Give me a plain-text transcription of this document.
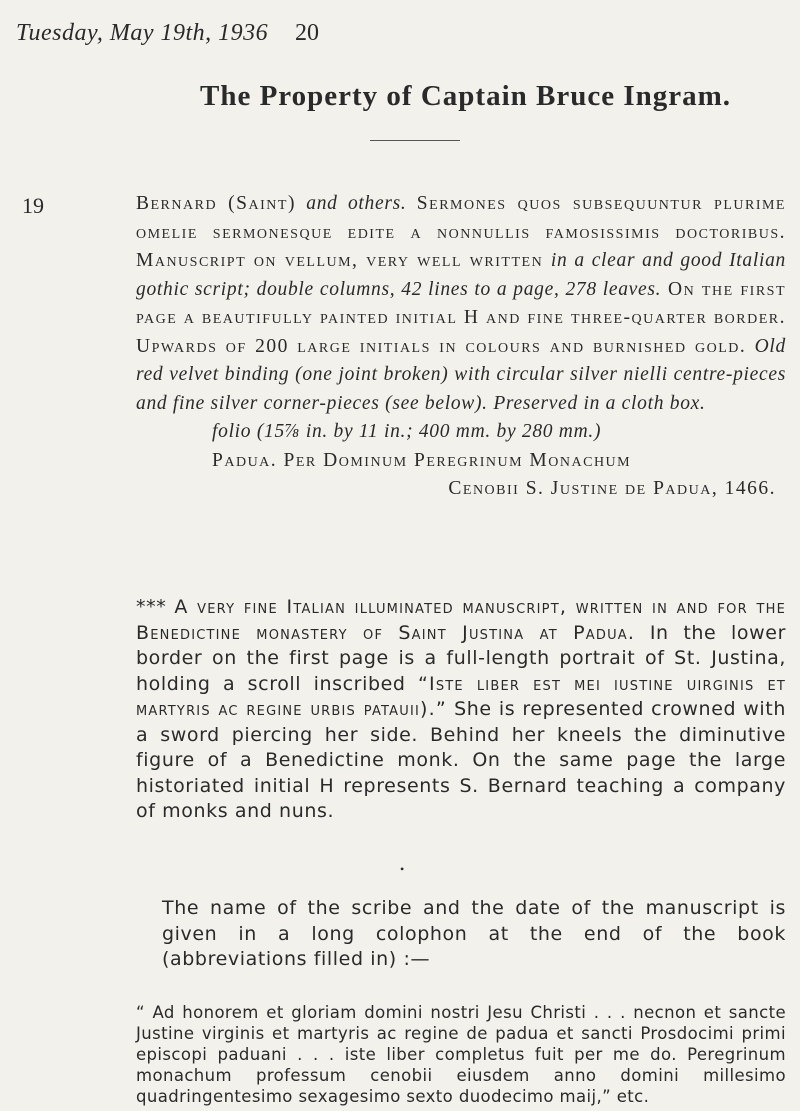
Tuesday, May 19th, 1936 20
The Property of Captain Bruce Ingram.
19	Bernard (Saint) and others. Sermones quos subsequuntur plurime omelie sermonesque edite a nonnullis famosissimis doctoribus. Manuscript on vellum, very well written in a clear and good Italian gothic script; double columns, 42 lines to a page, 278 leaves. On the first page a beautifully painted initial H and fine three-quarter border. Upwards of 200 large initials in colours and burnished gold. Old red velvet binding (one joint broken) with circular silver nielli centre-pieces and fine silver corner-pieces (see below). Preserved in a cloth box.
folio (15⅞ in. by 11 in.; 400 mm. by 280 mm.)
Padua. Per Dominum Peregrinum Monachum
Cenobii S. Justine de Padua, 1466.
*** A very fine Italian illuminated manuscript, written in and for the Benedictine monastery of Saint Justina at Padua. In the lower border on the first page is a full-length portrait of St. Justina, holding a scroll inscribed “Iste liber est mei iustine uirginis et martyris ac regine urbis patauii).” She is represented crowned with a sword piercing her side. Behind her kneels the diminutive figure of a Benedictine monk. On the same page the large historiated initial H represents S. Bernard teaching a company of monks and nuns.
•
The name of the scribe and the date of the manuscript is given in a long colophon at the end of the book (abbreviations filled in) :—
“ Ad honorem et gloriam domini nostri Jesu Christi . . . necnon et sancte Justine virginis et martyris ac regine de padua et sancti Prosdocimi primi episcopi paduani . . . iste liber completus fuit per me do. Peregrinum monachum professum cenobii eiusdem anno domini millesimo quadringentesimo sexagesimo sexto duodecimo maij,” etc.
